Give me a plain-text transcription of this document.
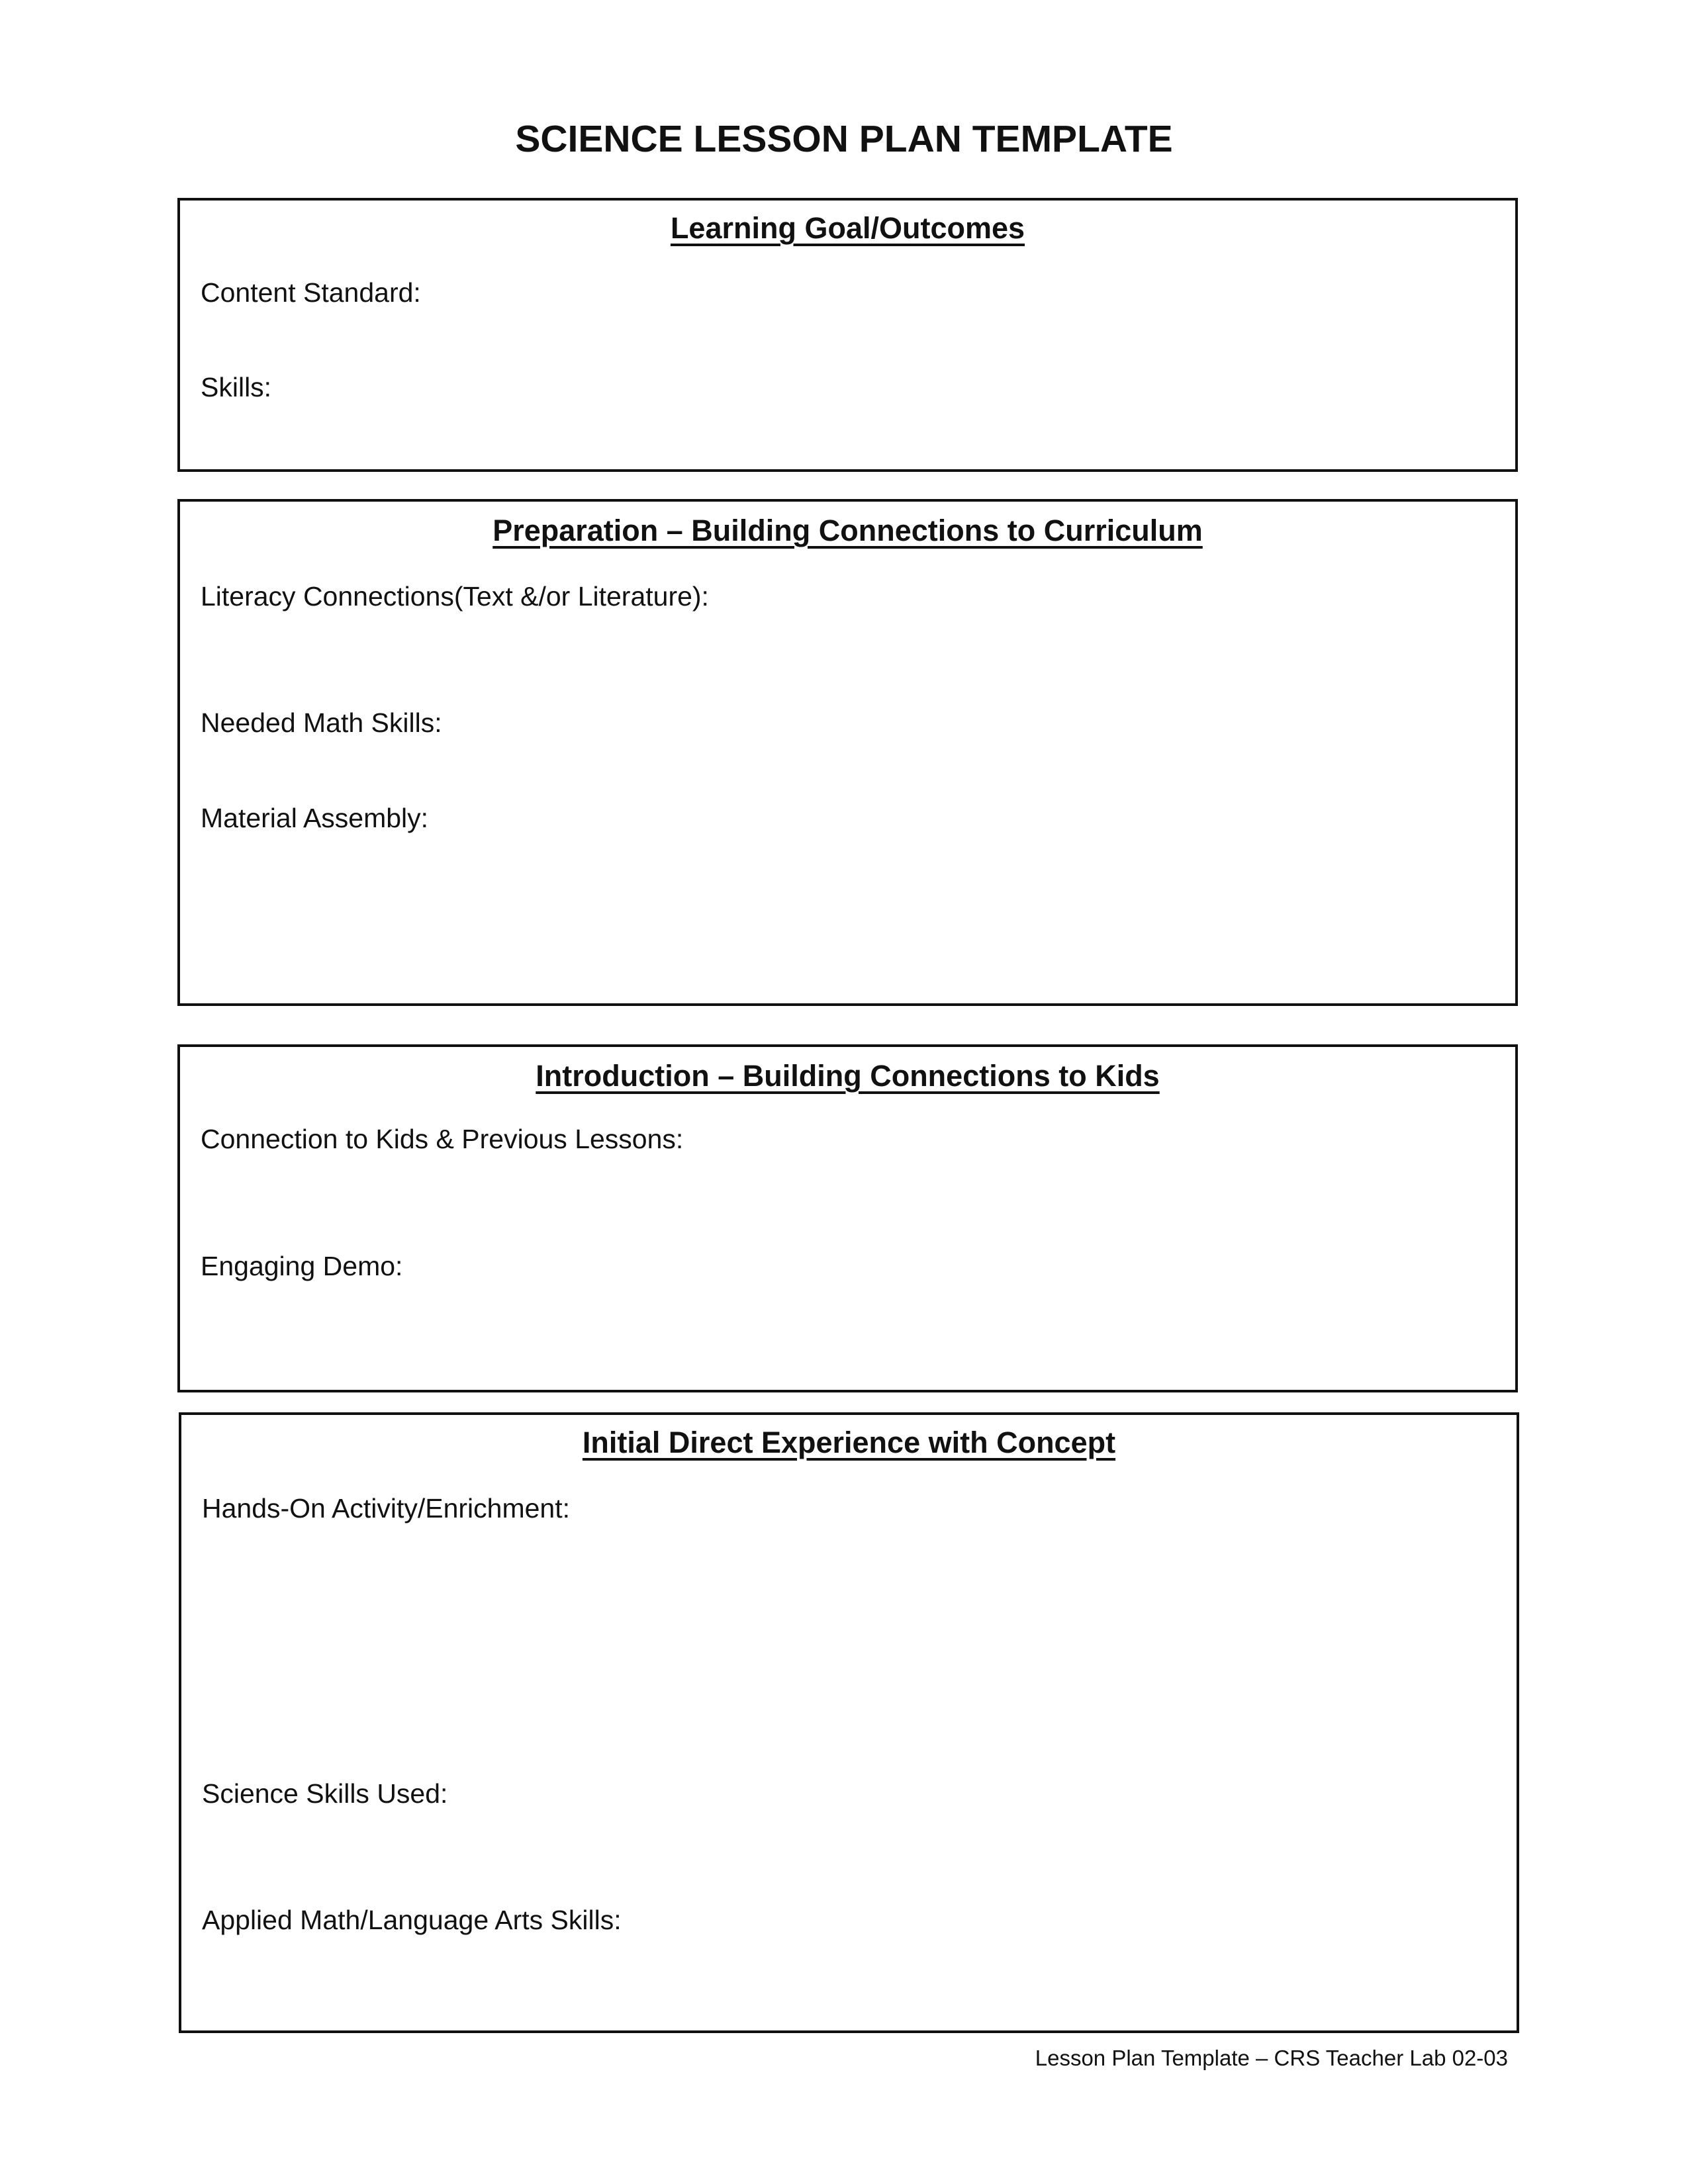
SCIENCE LESSON PLAN TEMPLATE
Learning Goal/Outcomes
Content Standard:
Skills:
Preparation – Building Connections to Curriculum
Literacy Connections(Text &/or Literature):
Needed Math Skills:
Material Assembly:
Introduction – Building Connections to Kids
Connection to Kids & Previous Lessons:
Engaging Demo:
Initial Direct Experience with Concept
Hands-On Activity/Enrichment:
Science Skills Used:
Applied Math/Language Arts Skills:
Lesson Plan Template – CRS Teacher Lab 02-03
